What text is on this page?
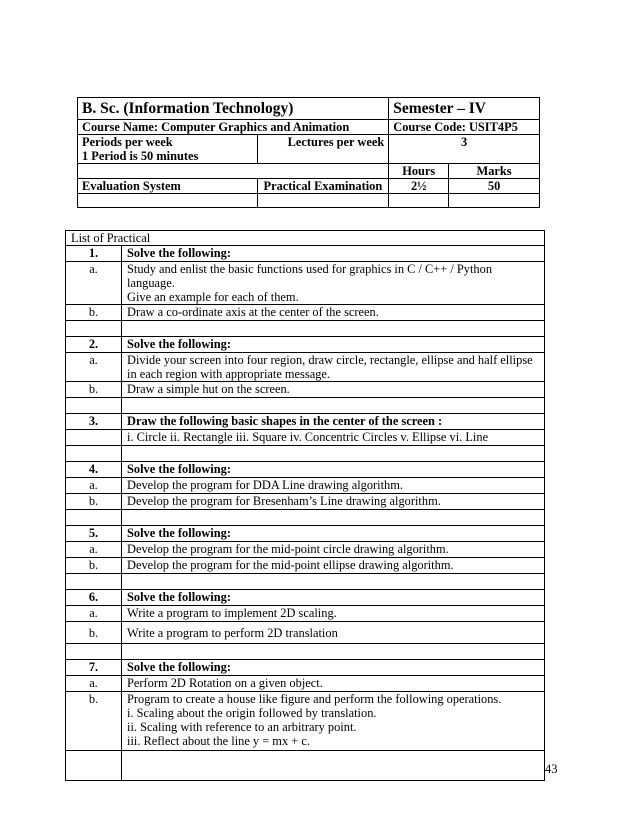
B. Sc. (Information Technology)		Semester – IV	
Course Name: Computer Graphics and Animation		Course Code: USIT4P5	

Periods per week
1 Period is 50 minutes	Lectures per week	3	
		Hours	Marks
Evaluation System	Practical Examination	2½	50

List of Practical	
1.	Solve the following:
a.	Study and enlist the basic functions used for graphics in C / C++ / Python language.
Give an example for each of them.

b.	Draw a co-ordinate axis at the center of the screen.

2.	Solve the following:
a.	Divide your screen into four region, draw circle, rectangle, ellipse and half ellipse
in each region with appropriate message.

b.	Draw a simple hut on the screen.

3.	Draw the following basic shapes in the center of the screen :
	i. Circle ii. Rectangle iii. Square iv. Concentric Circles v. Ellipse vi. Line

4.	Solve the following:
a.	Develop the program for DDA Line drawing algorithm.
b.	Develop the program for Bresenham’s Line drawing algorithm.

5.	Solve the following:
a.	Develop the program for the mid-point circle drawing algorithm.
b.	Develop the program for the mid-point ellipse drawing algorithm.

6.	Solve the following:
a.	Write a program to implement 2D scaling.
b.	Write a program to perform 2D translation

7.	Solve the following:
a.	Perform 2D Rotation on a given object.
b.	Program to create a house like figure and perform the following operations.
i. Scaling about the origin followed by translation.
ii. Scaling with reference to an arbitrary point.
iii. Reflect about the line y = mx + c.

43
